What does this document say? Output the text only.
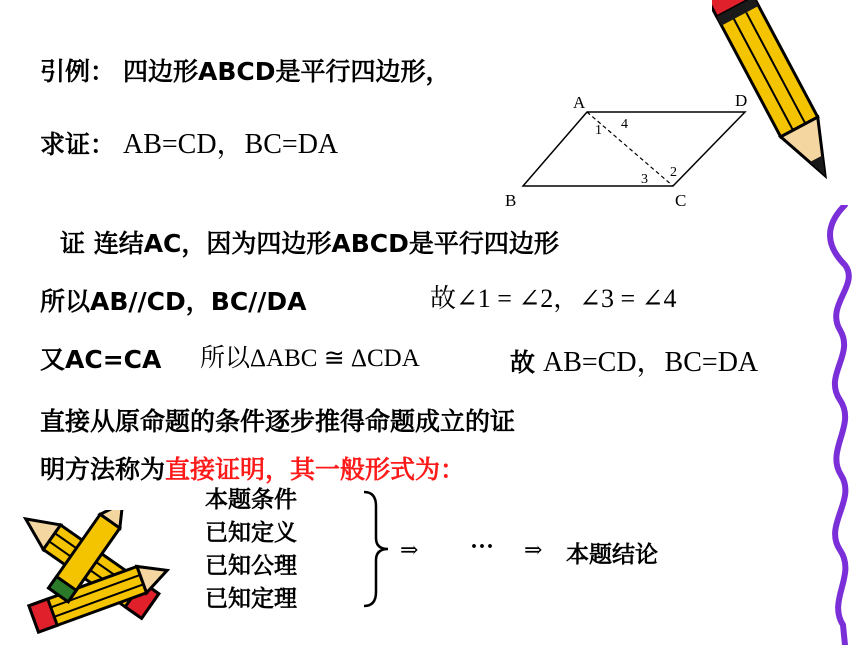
引例： 四边形ABCD是平行四边形，
求证： AB=CD，BC=DA
A	D
B	C
1 4
2
3
证 连结AC，因为四边形ABCD是平行四边形
所以AB//CD，BC//DA	故∠1 = ∠2，∠3 = ∠4
又AC=CA 所以ΔABC ≅ ΔCDA	故 AB=CD，BC=DA
直接从原命题的条件逐步推得命题成立的证
明方法称为直接证明，其一般形式为：
本题条件
已知定义
已知公理
已知定理
⇒ ··· ⇒ 本题结论
